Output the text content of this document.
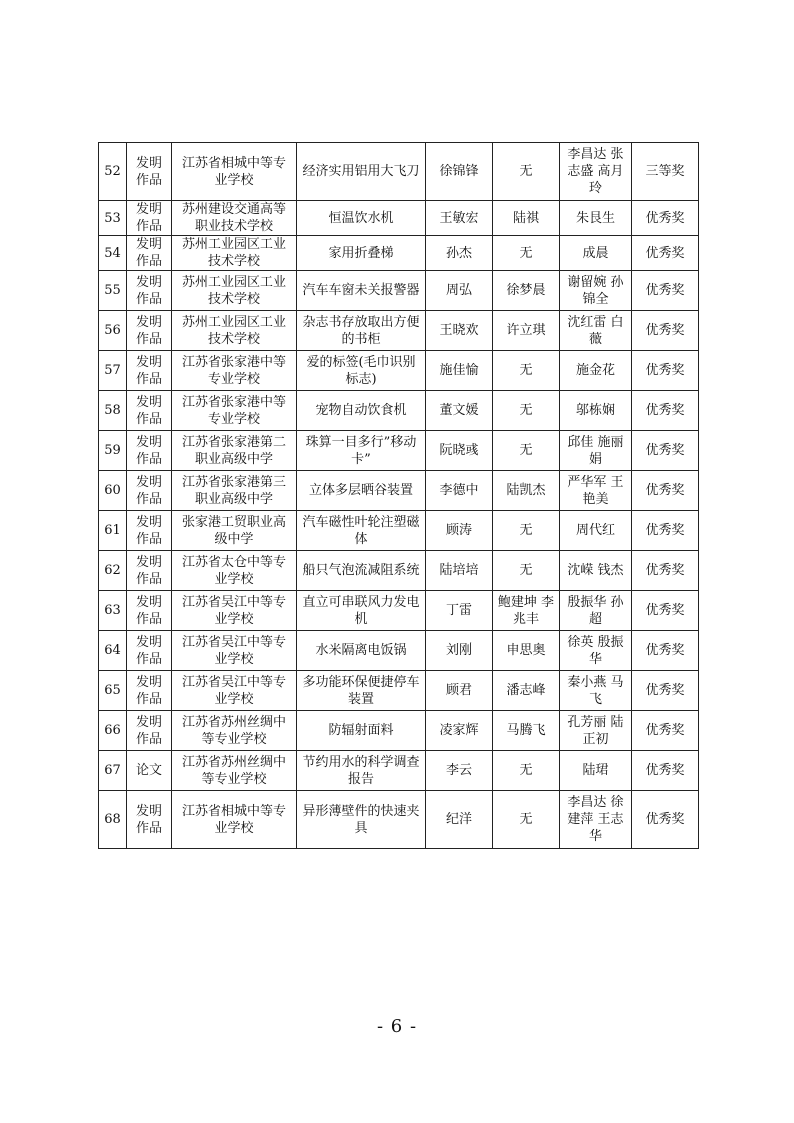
52	发明作品	江苏省相城中等专业学校	经济实用铝用大飞刀	徐锦锋	无	李昌达 张志盛 高月玲	三等奖
53	发明作品	苏州建设交通高等职业技术学校	恒温饮水机	王敏宏	陆祺	朱艮生	优秀奖
54	发明作品	苏州工业园区工业技术学校	家用折叠梯	孙杰	无	成晨	优秀奖
55	发明作品	苏州工业园区工业技术学校	汽车车窗未关报警器	周弘	徐梦晨	谢留婉 孙锦全	优秀奖
56	发明作品	苏州工业园区工业技术学校	杂志书存放取出方便的书柜	王晓欢	许立琪	沈红雷 白薇	优秀奖
57	发明作品	江苏省张家港中等专业学校	爱的标签(毛巾识别标志)	施佳愉	无	施金花	优秀奖
58	发明作品	江苏省张家港中等专业学校	宠物自动饮食机	董文媛	无	邬栋娴	优秀奖
59	发明作品	江苏省张家港第二职业高级中学	珠算一目多行”移动卡”	阮晓彧	无	邱佳 施丽娟	优秀奖
60	发明作品	江苏省张家港第三职业高级中学	立体多层晒谷装置	李德中	陆凯杰	严华军 王艳美	优秀奖
61	发明作品	张家港工贸职业高级中学	汽车磁性叶轮注塑磁体	顾涛	无	周代红	优秀奖
62	发明作品	江苏省太仓中等专业学校	船只气泡流减阻系统	陆培培	无	沈嵘 钱杰	优秀奖
63	发明作品	江苏省吴江中等专业学校	直立可串联风力发电机	丁雷	鲍建坤 李兆丰	殷振华 孙超	优秀奖
64	发明作品	江苏省吴江中等专业学校	水米隔离电饭锅	刘刚	申思奥	徐英 殷振华	优秀奖
65	发明作品	江苏省吴江中等专业学校	多功能环保便捷停车装置	顾君	潘志峰	秦小燕 马飞	优秀奖
66	发明作品	江苏省苏州丝绸中等专业学校	防辐射面料	凌家辉	马腾飞	孔芳丽 陆正初	优秀奖
67	论文	江苏省苏州丝绸中等专业学校	节约用水的科学调查报告	李云	无	陆珺	优秀奖
68	发明作品	江苏省相城中等专业学校	异形薄壁件的快速夹具	纪洋	无	李昌达 徐建萍 王志华	优秀奖
- 6 -
